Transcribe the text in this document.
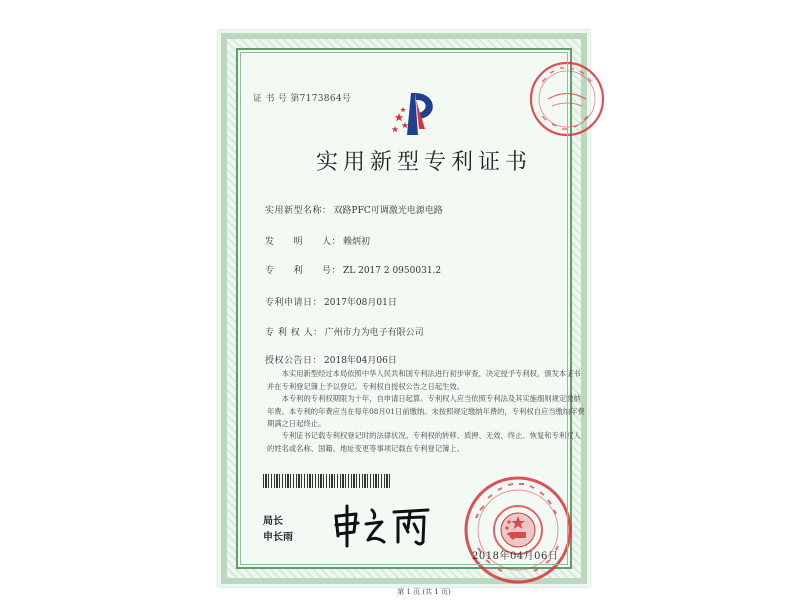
证 书 号 第7173864号
实用新型专利证书
实用新型名称： 双路PFC可调激光电源电路
发　　明　　人： 赖炳初
专　　利　　号： ZL 2017 2 0950031.2
专利申请日： 2017年08月01日
专 利 权 人： 广州市力为电子有限公司
授权公告日： 2018年04月06日

本实用新型经过本局依照中华人民共和国专利法进行初步审查，决定授予专利权，颁发本证书并在专利登记簿上予以登记。专利权自授权公告之日起生效。

本专利的专利权期限为十年，自申请日起算。专利权人应当依照专利法及其实施细则规定缴纳年费。本专利的年费应当在每年08月01日前缴纳。未按照规定缴纳年费的，专利权自应当缴纳年费期满之日起终止。

专利证书记载专利权登记时的法律状况。专利权的转移、质押、无效、终止、恢复和专利权人的姓名或名称、国籍、地址变更等事项记载在专利登记簿上。

局长
申长雨
2018年04月06日
第 1 页 (共 1 页)
